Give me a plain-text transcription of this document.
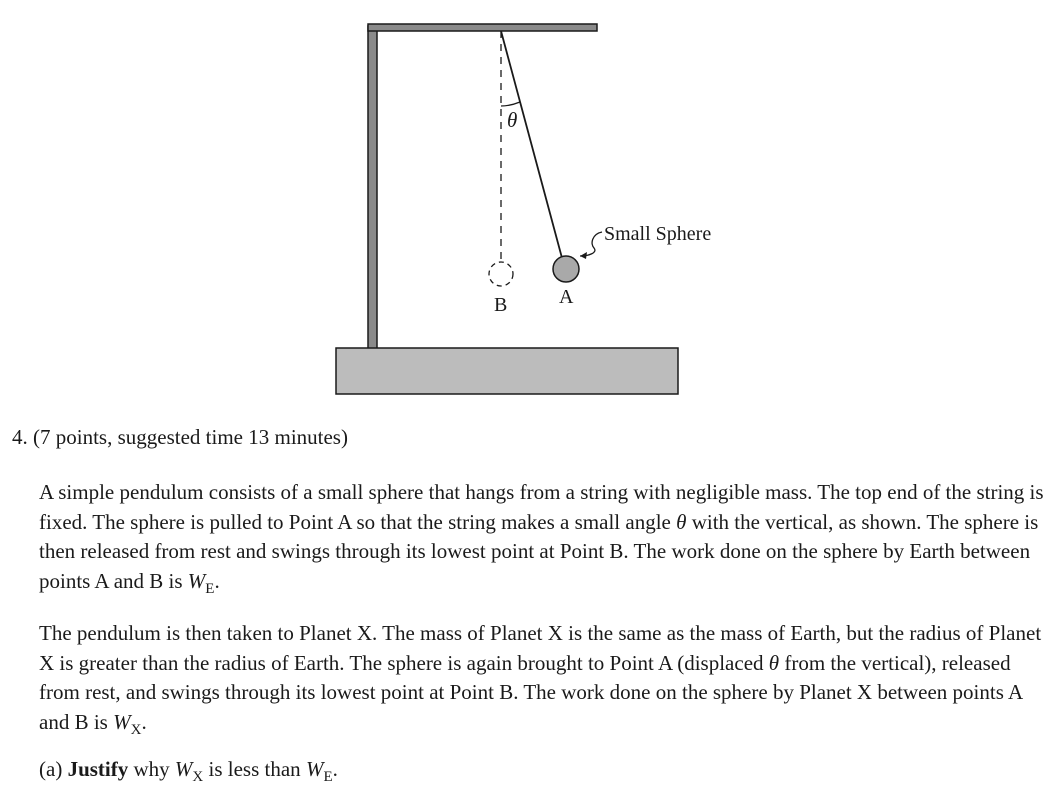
θ
Small Sphere
A
B
4. (7 points, suggested time 13 minutes)
A simple pendulum consists of a small sphere that hangs from a string with negligible mass. The top end of the string is fixed. The sphere is pulled to Point A so that the string makes a small angle θ with the vertical, as shown. The sphere is then released from rest and swings through its lowest point at Point B. The work done on the sphere by Earth between points A and B is $W_E$.
The pendulum is then taken to Planet X. The mass of Planet X is the same as the mass of Earth, but the radius of Planet X is greater than the radius of Earth. The sphere is again brought to Point A (displaced θ from the vertical), released from rest, and swings through its lowest point at Point B. The work done on the sphere by Planet X between points A and B is $W_X$.
(a) Justify why $W_X$ is less than $W_E$.
